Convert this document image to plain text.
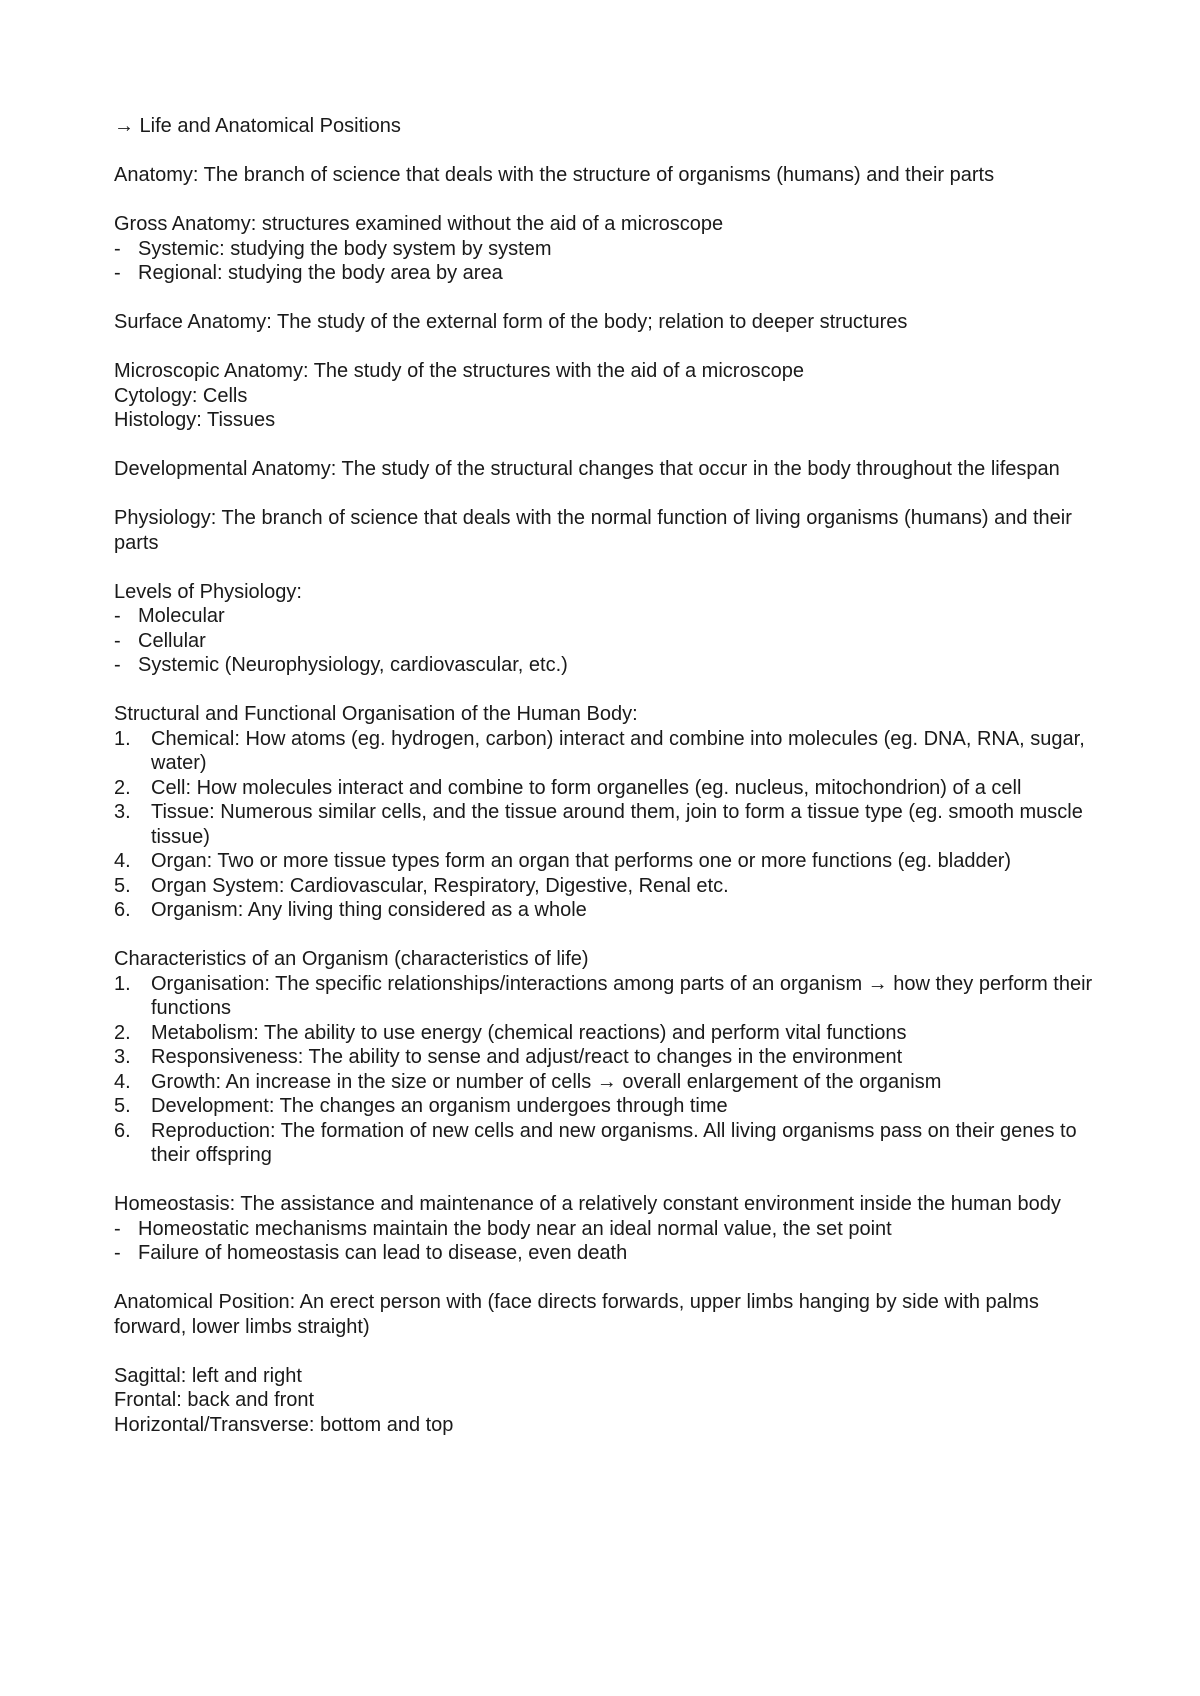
→ Life and Anatomical Positions

Anatomy: The branch of science that deals with the structure of organisms (humans) and their parts

Gross Anatomy: structures examined without the aid of a microscope
- Systemic: studying the body system by system
- Regional: studying the body area by area

Surface Anatomy: The study of the external form of the body; relation to deeper structures

Microscopic Anatomy: The study of the structures with the aid of a microscope
Cytology: Cells
Histology: Tissues

Developmental Anatomy: The study of the structural changes that occur in the body throughout the lifespan

Physiology: The branch of science that deals with the normal function of living organisms (humans) and their parts

Levels of Physiology:
- Molecular
- Cellular
- Systemic (Neurophysiology, cardiovascular, etc.)
Structural and Functional Organisation of the Human Body:
1. Chemical: How atoms (eg. hydrogen, carbon) interact and combine into molecules (eg. DNA, RNA, sugar, water)
2. Cell: How molecules interact and combine to form organelles (eg. nucleus, mitochondrion) of a cell
3. Tissue: Numerous similar cells, and the tissue around them, join to form a tissue type (eg. smooth muscle tissue)
4. Organ: Two or more tissue types form an organ that performs one or more functions (eg. bladder)
5. Organ System: Cardiovascular, Respiratory, Digestive, Renal etc.
6. Organism: Any living thing considered as a whole
Characteristics of an Organism (characteristics of life)
1. Organisation: The specific relationships/interactions among parts of an organism → how they perform their functions
2. Metabolism: The ability to use energy (chemical reactions) and perform vital functions
3. Responsiveness: The ability to sense and adjust/react to changes in the environment
4. Growth: An increase in the size or number of cells → overall enlargement of the organism
5. Development: The changes an organism undergoes through time
6. Reproduction: The formation of new cells and new organisms. All living organisms pass on their genes to their offspring
Homeostasis: The assistance and maintenance of a relatively constant environment inside the human body
- Homeostatic mechanisms maintain the body near an ideal normal value, the set point
- Failure of homeostasis can lead to disease, even death

Anatomical Position: An erect person with (face directs forwards, upper limbs hanging by side with palms forward, lower limbs straight)

Sagittal: left and right
Frontal: back and front
Horizontal/Transverse: bottom and top
